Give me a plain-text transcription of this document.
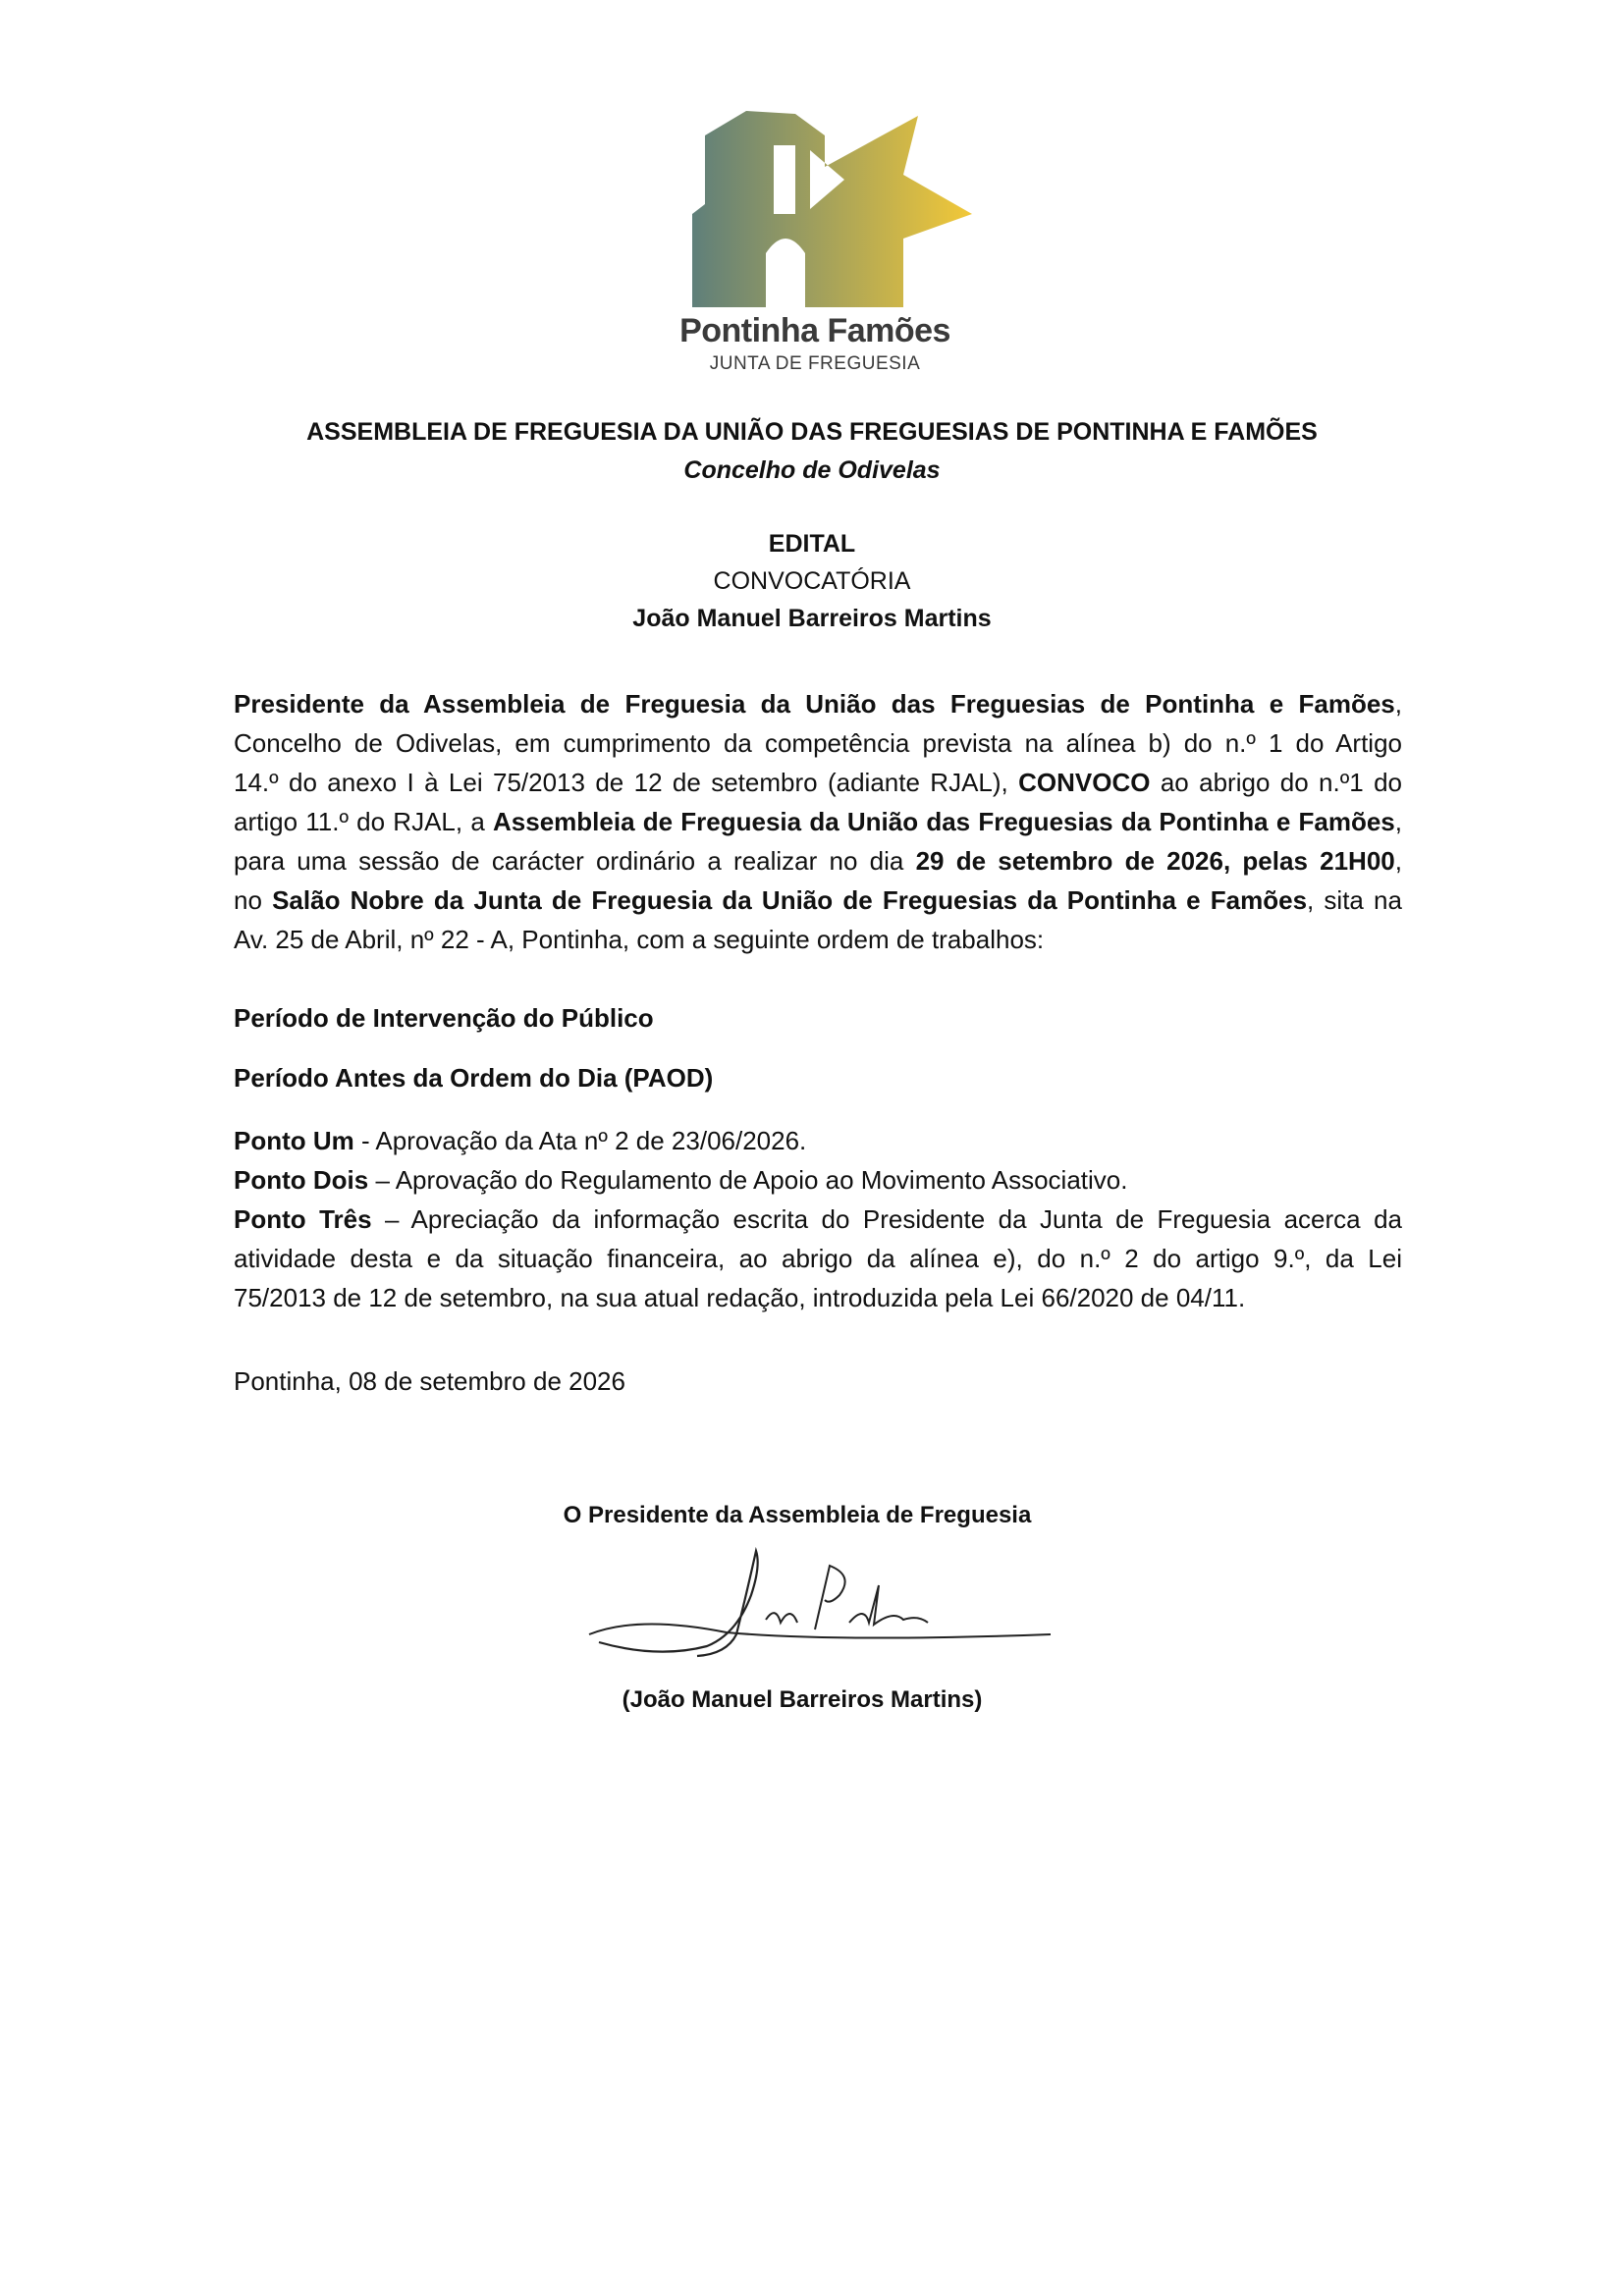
Pontinha Famões
JUNTA DE FREGUESIA
ASSEMBLEIA DE FREGUESIA DA UNIÃO DAS FREGUESIAS DE PONTINHA E FAMÕES
Concelho de Odivelas
EDITAL
CONVOCATÓRIA
João Manuel Barreiros Martins
Presidente da Assembleia de Freguesia da União das Freguesias de Pontinha e Famões,
Concelho de Odivelas, em cumprimento da competência prevista na alínea b) do n.º 1 do Artigo
14.º do anexo I à Lei 75/2013 de 12 de setembro (adiante RJAL), CONVOCO ao abrigo do n.º1 do
artigo 11.º do RJAL, a Assembleia de Freguesia da União das Freguesias da Pontinha e Famões,
para uma sessão de carácter ordinário a realizar no dia 29 de setembro de 2026, pelas 21H00,
no Salão Nobre da Junta de Freguesia da União de Freguesias da Pontinha e Famões, sita na
Av. 25 de Abril, nº 22 - A, Pontinha, com a seguinte ordem de trabalhos:
Período de Intervenção do Público
Período Antes da Ordem do Dia (PAOD)
Ponto Um - Aprovação da Ata nº 2 de 23/06/2026.
Ponto Dois – Aprovação do Regulamento de Apoio ao Movimento Associativo.
Ponto Três – Apreciação da informação escrita do Presidente da Junta de Freguesia acerca da
atividade desta e da situação financeira, ao abrigo da alínea e), do n.º 2 do artigo 9.º, da Lei
75/2013 de 12 de setembro, na sua atual redação, introduzida pela Lei 66/2020 de 04/11.
Pontinha, 08 de setembro de 2026
O Presidente da Assembleia de Freguesia
(João Manuel Barreiros Martins)
